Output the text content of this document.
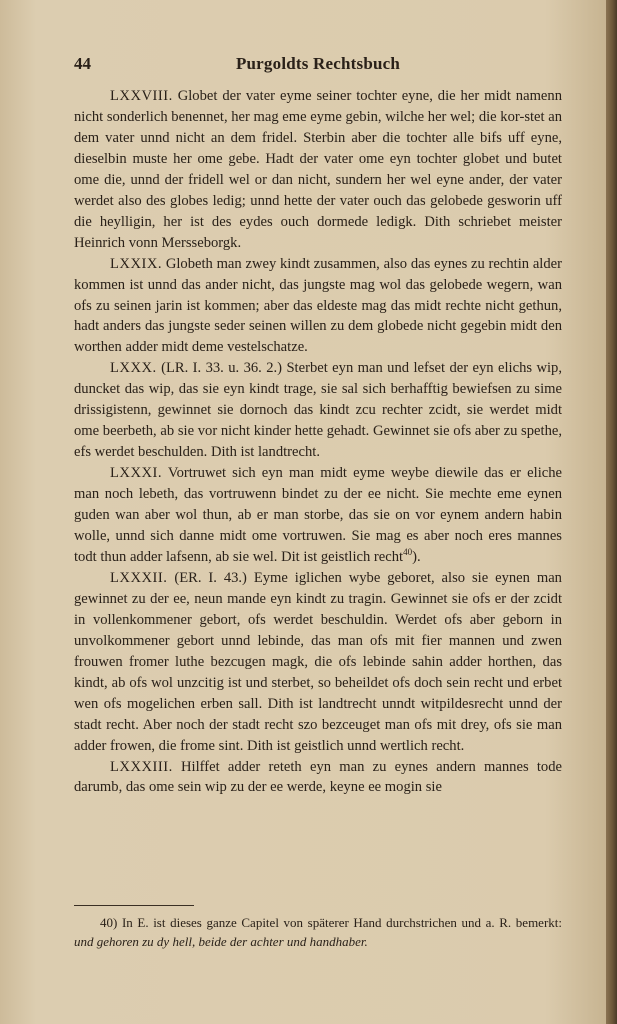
44	Purgoldts Rechtsbuch

LXXVIII. Globet der vater eyme seiner tochter eyne, die her midt namenn nicht sonderlich benennet, her mag eme eyme gebin, wilche her wel; die kor-stet an dem vater unnd nicht an dem fridel. Sterbin aber die tochter alle bifs uff eyne, dieselbin muste her ome gebe. Hadt der vater ome eyn tochter globet und butet ome die, unnd der fridell wel or dan nicht, sundern her wel eyne ander, der vater werdet also des globes ledig; unnd hette der vater ouch das gelobede gesworin uff die heylligin, her ist des eydes ouch dormede ledigk. Dith schriebet meister Heinrich vonn Mersseborgk.

LXXIX. Globeth man zwey kindt zusammen, also das eynes zu rechtin alder kommen ist unnd das ander nicht, das jungste mag wol das gelobede wegern, wan ofs zu seinen jarin ist kommen; aber das eldeste mag das midt rechte nicht gethun, hadt anders das jungste seder seinen willen zu dem globede nicht gegebin midt den worthen adder midt deme vestelschatze.

LXXX. (LR. I. 33. u. 36. 2.) Sterbet eyn man und lefset der eyn elichs wip, duncket das wip, das sie eyn kindt trage, sie sal sich berhafftig bewiefsen zu sime drissigistenn, gewinnet sie dornoch das kindt zcu rechter zcidt, sie werdet midt ome beerbeth, ab sie vor nicht kinder hette gehadt. Gewinnet sie ofs aber zu spethe, efs werdet beschulden. Dith ist landtrecht.

LXXXI. Vortruwet sich eyn man midt eyme weybe diewile das er eliche man noch lebeth, das vortruwenn bindet zu der ee nicht. Sie mechte eme eynen guden wan aber wol thun, ab er man storbe, das sie on vor eynem andern habin wolle, unnd sich danne midt ome vortruwen. Sie mag es aber noch eres mannes todt thun adder lafsenn, ab sie wel. Dit ist geistlich recht$^{40}$).

LXXXII. (ER. I. 43.) Eyme iglichen wybe geboret, also sie eynen man gewinnet zu der ee, neun mande eyn kindt zu tragin. Gewinnet sie ofs er der zcidt in vollenkommener gebort, ofs werdet beschuldin. Werdet ofs aber geborn in unvolkommener gebort unnd lebinde, das man ofs mit fier mannen und zwen frouwen fromer luthe bezcugen magk, die ofs lebinde sahin adder horthen, das kindt, ab ofs wol unzcitig ist und sterbet, so beheildet ofs doch sein recht und erbet wen ofs mogelichen erben sall. Dith ist landtrecht unndt witpildesrecht unnd der stadt recht. Aber noch der stadt recht szo bezceuget man ofs mit drey, ofs sie man adder frowen, die frome sint. Dith ist geistlich unnd wertlich recht.

LXXXIII. Hilffet adder reteth eyn man zu eynes andern mannes tode darumb, das ome sein wip zu der ee werde, keyne ee mogin sie

40) In E. ist dieses ganze Capitel von späterer Hand durchstrichen und a. R. bemerkt: und gehoren zu dy hell, beide der achter und handhaber.
